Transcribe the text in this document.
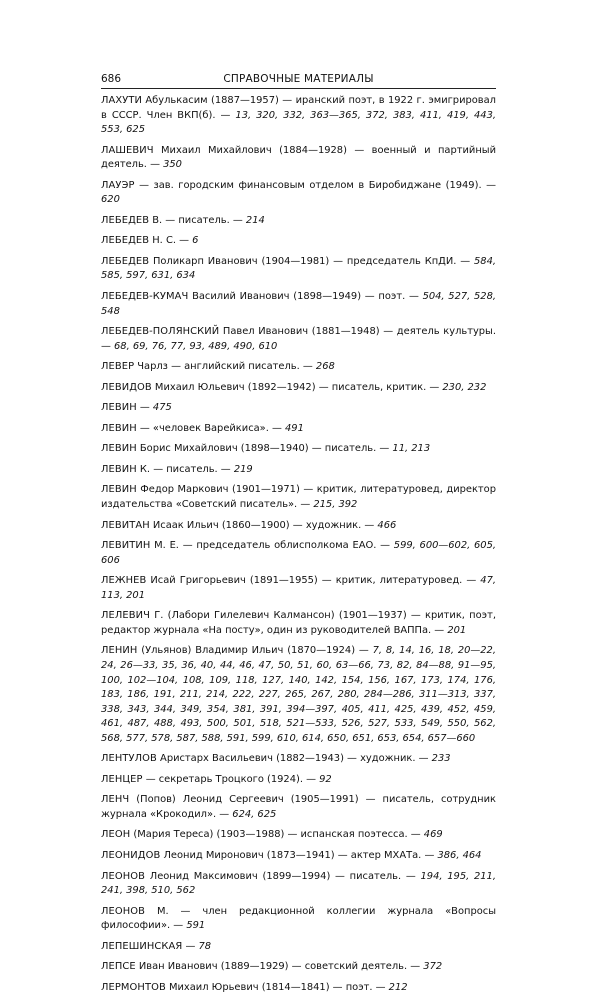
686	СПРАВОЧНЫЕ МАТЕРИАЛЫ
ЛАХУТИ Абулькасим (1887—1957) — иранский поэт, в 1922 г. эмигрировал в СССР. Член ВКП(б). — 13, 320, 332, 363—365, 372, 383, 411, 419, 443, 553, 625
ЛАШЕВИЧ Михаил Михайлович (1884—1928) — военный и партийный деятель. — 350
ЛАУЭР — зав. городским финансовым отделом в Биробиджане (1949). — 620
ЛЕБЕДЕВ В. — писатель. — 214
ЛЕБЕДЕВ Н. С. — 6
ЛЕБЕДЕВ Поликарп Иванович (1904—1981) — председатель КпДИ. — 584, 585, 597, 631, 634
ЛЕБЕДЕВ-КУМАЧ Василий Иванович (1898—1949) — поэт. — 504, 527, 528, 548
ЛЕБЕДЕВ-ПОЛЯНСКИЙ Павел Иванович (1881—1948) — деятель культуры. — 68, 69, 76, 77, 93, 489, 490, 610
ЛЕВЕР Чарлз — английский писатель. — 268
ЛЕВИДОВ Михаил Юльевич (1892—1942) — писатель, критик. — 230, 232
ЛЕВИН — 475
ЛЕВИН — «человек Варейкиса». — 491
ЛЕВИН Борис Михайлович (1898—1940) — писатель. — 11, 213
ЛЕВИН К. — писатель. — 219
ЛЕВИН Федор Маркович (1901—1971) — критик, литературовед, директор издательства «Советский писатель». — 215, 392
ЛЕВИТАН Исаак Ильич (1860—1900) — художник. — 466
ЛЕВИТИН М. Е. — председатель облисполкома ЕАО. — 599, 600—602, 605, 606
ЛЕЖНЕВ Исай Григорьевич (1891—1955) — критик, литературовед. — 47, 113, 201
ЛЕЛЕВИЧ Г. (Лабори Гилелевич Калмансон) (1901—1937) — критик, поэт, редактор журнала «На посту», один из руководителей ВАППа. — 201
ЛЕНИН (Ульянов) Владимир Ильич (1870—1924) — 7, 8, 14, 16, 18, 20—22, 24, 26—33, 35, 36, 40, 44, 46, 47, 50, 51, 60, 63—66, 73, 82, 84—88, 91—95, 100, 102—104, 108, 109, 118, 127, 140, 142, 154, 156, 167, 173, 174, 176, 183, 186, 191, 211, 214, 222, 227, 265, 267, 280, 284—286, 311—313, 337, 338, 343, 344, 349, 354, 381, 391, 394—397, 405, 411, 425, 439, 452, 459, 461, 487, 488, 493, 500, 501, 518, 521—533, 526, 527, 533, 549, 550, 562, 568, 577, 578, 587, 588, 591, 599, 610, 614, 650, 651, 653, 654, 657—660
ЛЕНТУЛОВ Аристарх Васильевич (1882—1943) — художник. — 233
ЛЕНЦЕР — секретарь Троцкого (1924). — 92
ЛЕНЧ (Попов) Леонид Сергеевич (1905—1991) — писатель, сотрудник журнала «Крокодил». — 624, 625
ЛЕОН (Мария Тереса) (1903—1988) — испанская поэтесса. — 469
ЛЕОНИДОВ Леонид Миронович (1873—1941) — актер МХАТа. — 386, 464
ЛЕОНОВ Леонид Максимович (1899—1994) — писатель. — 194, 195, 211, 241, 398, 510, 562
ЛЕОНОВ М. — член редакционной коллегии журнала «Вопросы философии». — 591
ЛЕПЕШИНСКАЯ — 78
ЛЕПСЕ Иван Иванович (1889—1929) — советский деятель. — 372
ЛЕРМОНТОВ Михаил Юрьевич (1814—1841) — поэт. — 212
